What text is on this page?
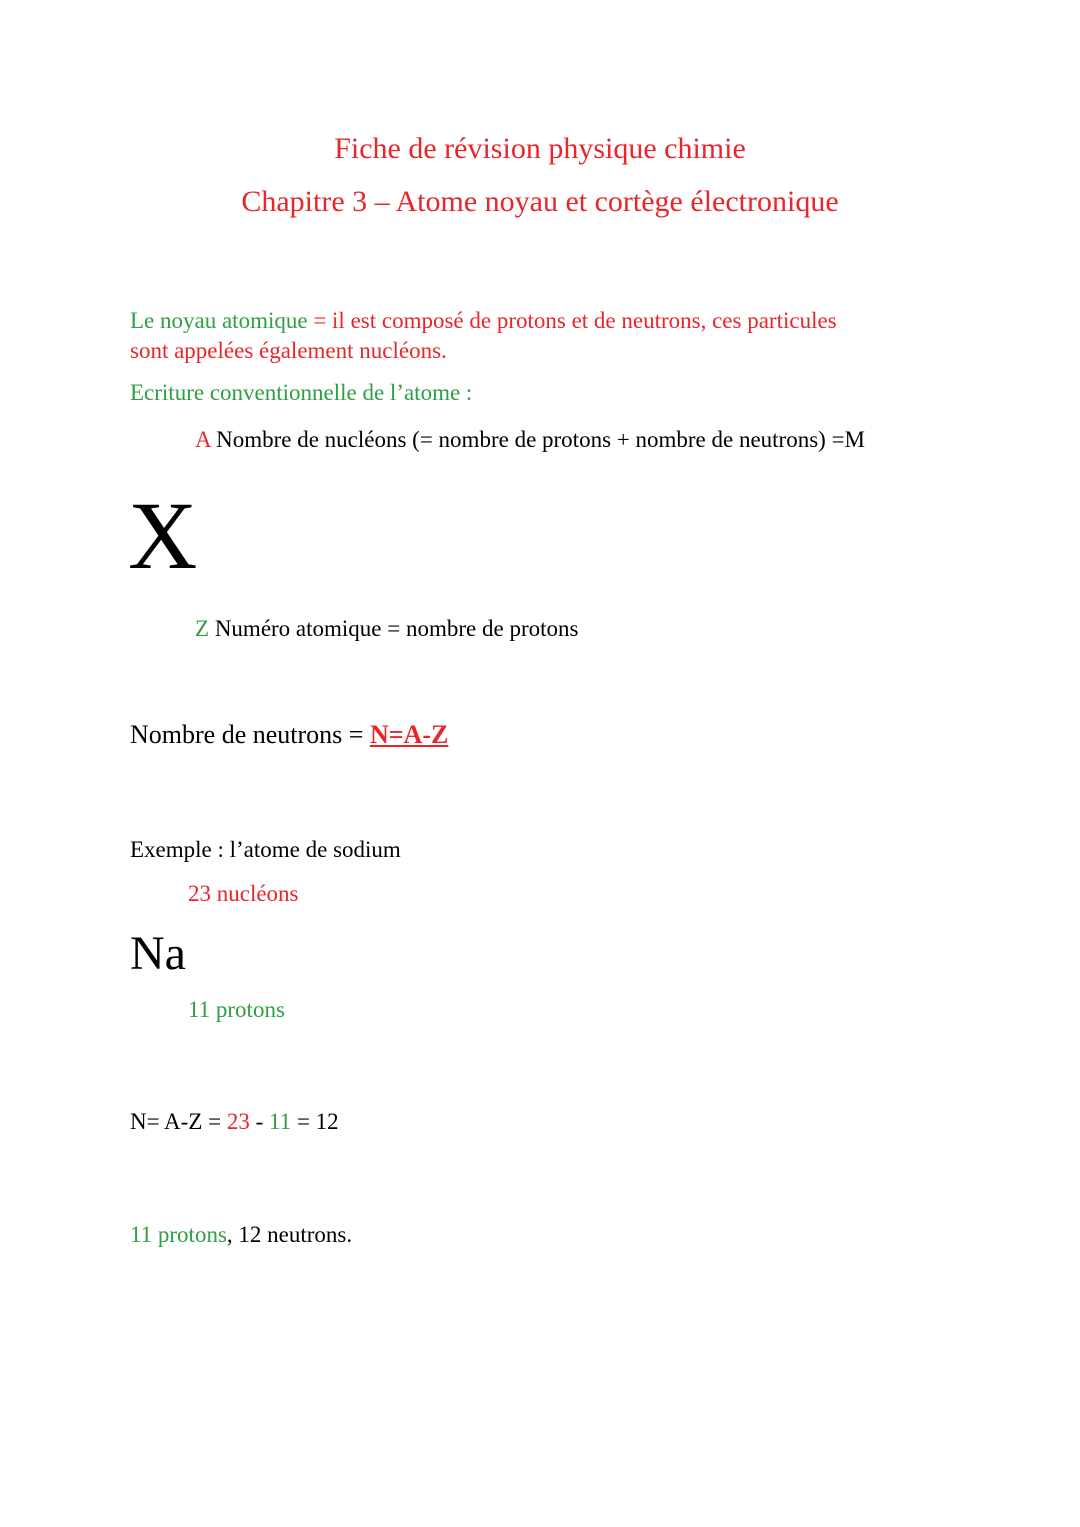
Fiche de révision physique chimie
Chapitre 3 – Atome noyau et cortège électronique
Le noyau atomique = il est composé de protons et de neutrons, ces particules
sont appelées également nucléons.
Ecriture conventionnelle de l’atome :
A Nombre de nucléons (= nombre de protons + nombre de neutrons) =M
X
Z Numéro atomique = nombre de protons
Nombre de neutrons = N=A-Z
Exemple : l’atome de sodium
23 nucléons
Na
11 protons
N= A-Z = 23 - 11 = 12
11 protons, 12 neutrons.
